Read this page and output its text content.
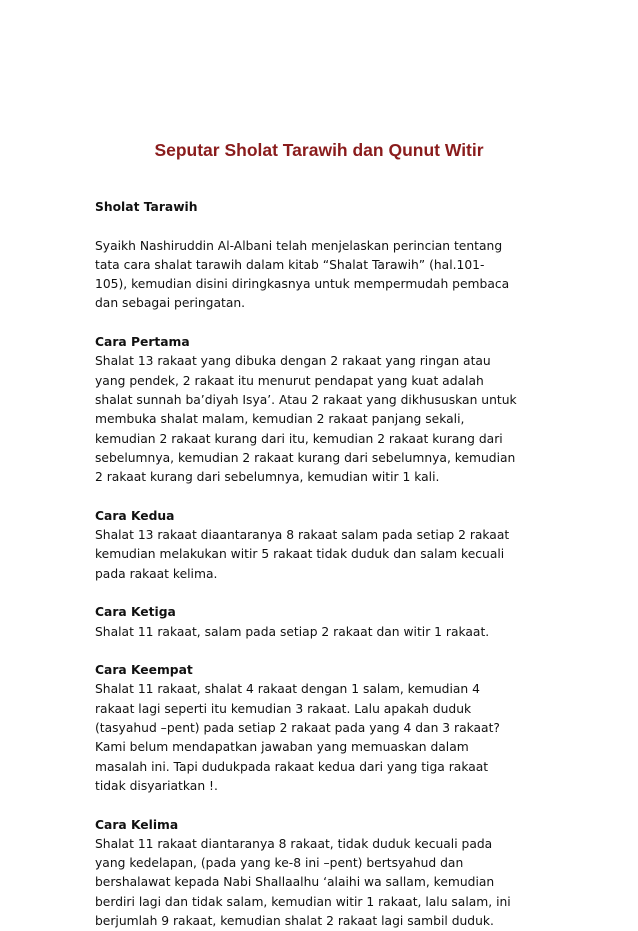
Seputar Sholat Tarawih dan Qunut Witir
Sholat Tarawih

Syaikh Nashiruddin Al-Albani telah menjelaskan perincian tentang
tata cara shalat tarawih dalam kitab “Shalat Tarawih” (hal.101-
105), kemudian disini diringkasnya untuk mempermudah pembaca
dan sebagai peringatan.

Cara Pertama

Shalat 13 rakaat yang dibuka dengan 2 rakaat yang ringan atau
yang pendek, 2 rakaat itu menurut pendapat yang kuat adalah
shalat sunnah ba’diyah Isya’. Atau 2 rakaat yang dikhususkan untuk
membuka shalat malam, kemudian 2 rakaat panjang sekali,
kemudian 2 rakaat kurang dari itu, kemudian 2 rakaat kurang dari
sebelumnya, kemudian 2 rakaat kurang dari sebelumnya, kemudian
2 rakaat kurang dari sebelumnya, kemudian witir 1 kali.

Cara Kedua

Shalat 13 rakaat diaantaranya 8 rakaat salam pada setiap 2 rakaat
kemudian melakukan witir 5 rakaat tidak duduk dan salam kecuali
pada rakaat kelima.

Cara Ketiga

Shalat 11 rakaat, salam pada setiap 2 rakaat dan witir 1 rakaat.

Cara Keempat

Shalat 11 rakaat, shalat 4 rakaat dengan 1 salam, kemudian 4
rakaat lagi seperti itu kemudian 3 rakaat. Lalu apakah duduk
(tasyahud –pent) pada setiap 2 rakaat pada yang 4 dan 3 rakaat?
Kami belum mendapatkan jawaban yang memuaskan dalam
masalah ini. Tapi dudukpada rakaat kedua dari yang tiga rakaat
tidak disyariatkan !.

Cara Kelima

Shalat 11 rakaat diantaranya 8 rakaat, tidak duduk kecuali pada
yang kedelapan, (pada yang ke-8 ini –pent) bertsyahud dan
bershalawat kepada Nabi Shallaalhu ‘alaihi wa sallam, kemudian
berdiri lagi dan tidak salam, kemudian witir 1 rakaat, lalu salam, ini
berjumlah 9 rakaat, kemudian shalat 2 rakaat lagi sambil duduk.
